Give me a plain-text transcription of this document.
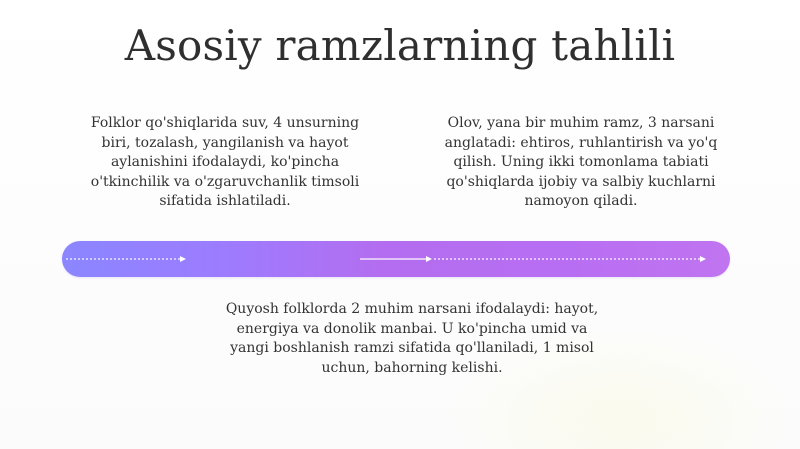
Asosiy ramzlarning tahlili
Folklor qo'shiqlarida suv, 4 unsurning biri, tozalash, yangilanish va hayot aylanishini ifodalaydi, ko'pincha o'tkinchilik va o'zgaruvchanlik timsoli sifatida ishlatiladi.
Olov, yana bir muhim ramz, 3 narsani anglatadi: ehtiros, ruhlantirish va yo'q qilish. Uning ikki tomonlama tabiati qo'shiqlarda ijobiy va salbiy kuchlarni namoyon qiladi.
Quyosh folklorda 2 muhim narsani ifodalaydi: hayot, energiya va donolik manbai. U ko'pincha umid va yangi boshlanish ramzi sifatida qo'llaniladi, 1 misol uchun, bahorning kelishi.
